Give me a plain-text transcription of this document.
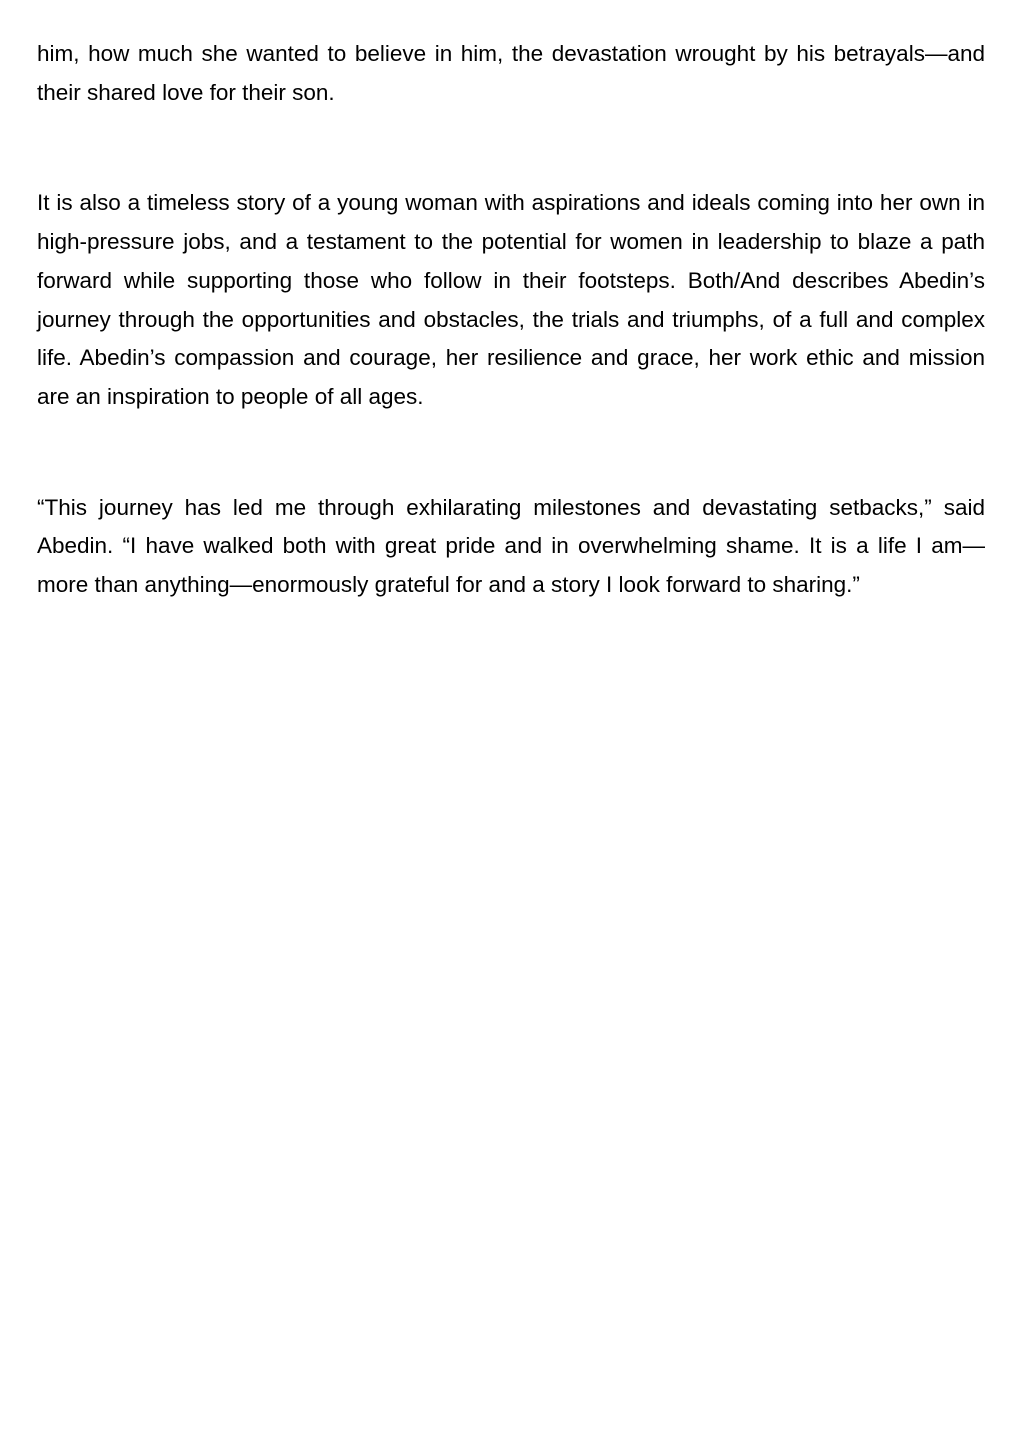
him, how much she wanted to believe in him, the devastation wrought by his betrayals—and their shared love for their son.

It is also a timeless story of a young woman with aspirations and ideals coming into her own in high-pressure jobs, and a testament to the potential for women in leadership to blaze a path forward while supporting those who follow in their footsteps. Both/And describes Abedin’s journey through the opportunities and obstacles, the trials and triumphs, of a full and complex life. Abedin’s compassion and courage, her resilience and grace, her work ethic and mission are an inspiration to people of all ages.

“This journey has led me through exhilarating milestones and devastating setbacks,” said Abedin. “I have walked both with great pride and in overwhelming shame. It is a life I am—more than anything—enormously grateful for and a story I look forward to sharing.”
